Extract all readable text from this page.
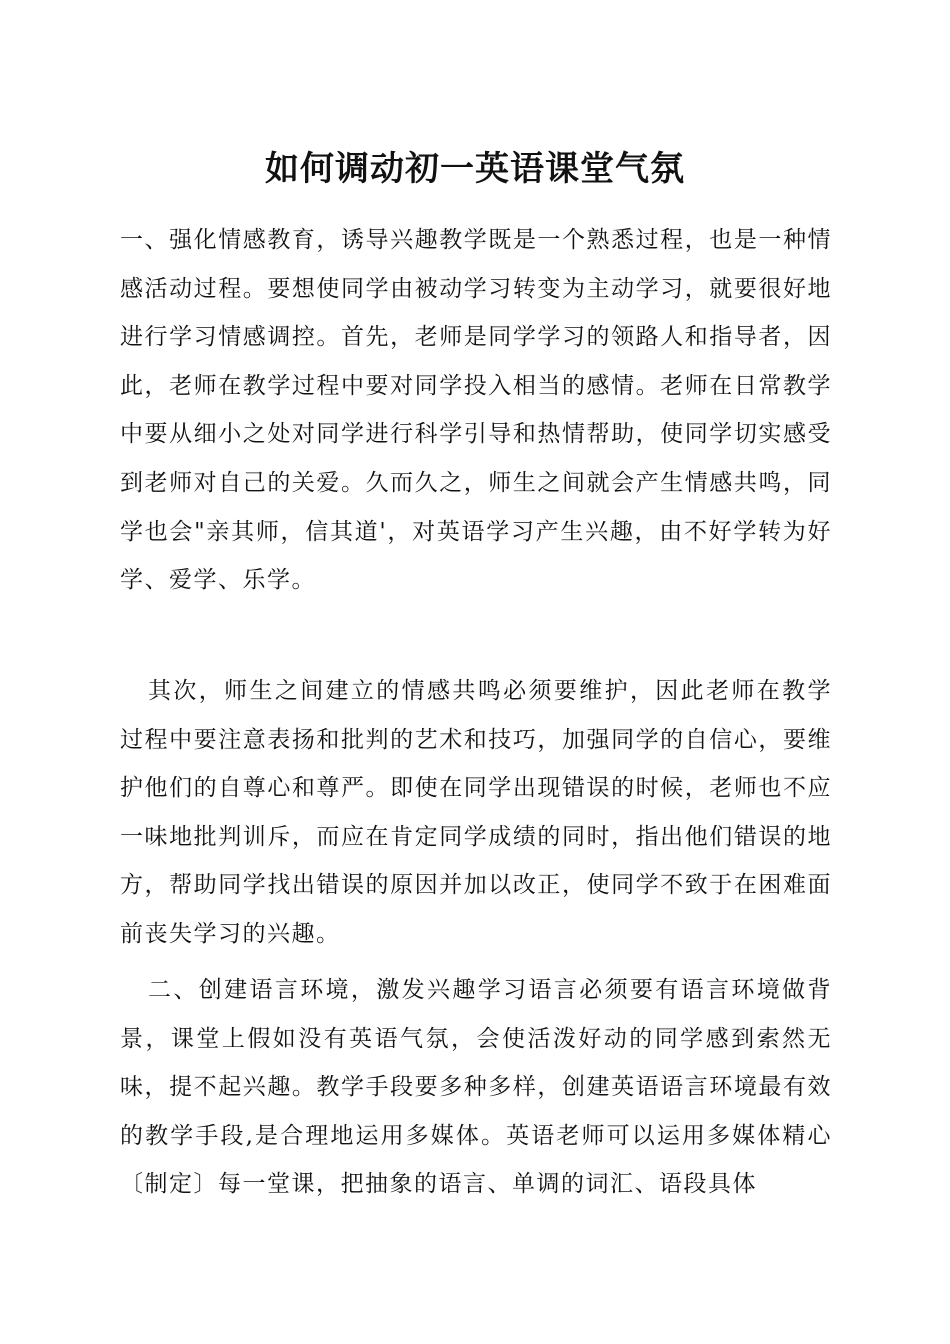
如何调动初一英语课堂气氛

一、强化情感教育，诱导兴趣教学既是一个熟悉过程，也是一种情感活动过程。要想使同学由被动学习转变为主动学习，就要很好地进行学习情感调控。首先，老师是同学学习的领路人和指导者，因此，老师在教学过程中要对同学投入相当的感情。老师在日常教学中要从细小之处对同学进行科学引导和热情帮助，使同学切实感受到老师对自己的关爱。久而久之，师生之间就会产生情感共鸣，同学也会"亲其师，信其道'，对英语学习产生兴趣，由不好学转为好学、爱学、乐学。

其次，师生之间建立的情感共鸣必须要维护，因此老师在教学过程中要注意表扬和批判的艺术和技巧，加强同学的自信心，要维护他们的自尊心和尊严。即使在同学出现错误的时候，老师也不应一味地批判训斥，而应在肯定同学成绩的同时，指出他们错误的地方，帮助同学找出错误的原因并加以改正，使同学不致于在困难面前丧失学习的兴趣。

二、创建语言环境，激发兴趣学习语言必须要有语言环境做背景，课堂上假如没有英语气氛，会使活泼好动的同学感到索然无味，提不起兴趣。教学手段要多种多样，创建英语语言环境最有效的教学手段,是合理地运用多媒体。英语老师可以运用多媒体精心〔制定〕每一堂课，把抽象的语言、单调的词汇、语段具体
